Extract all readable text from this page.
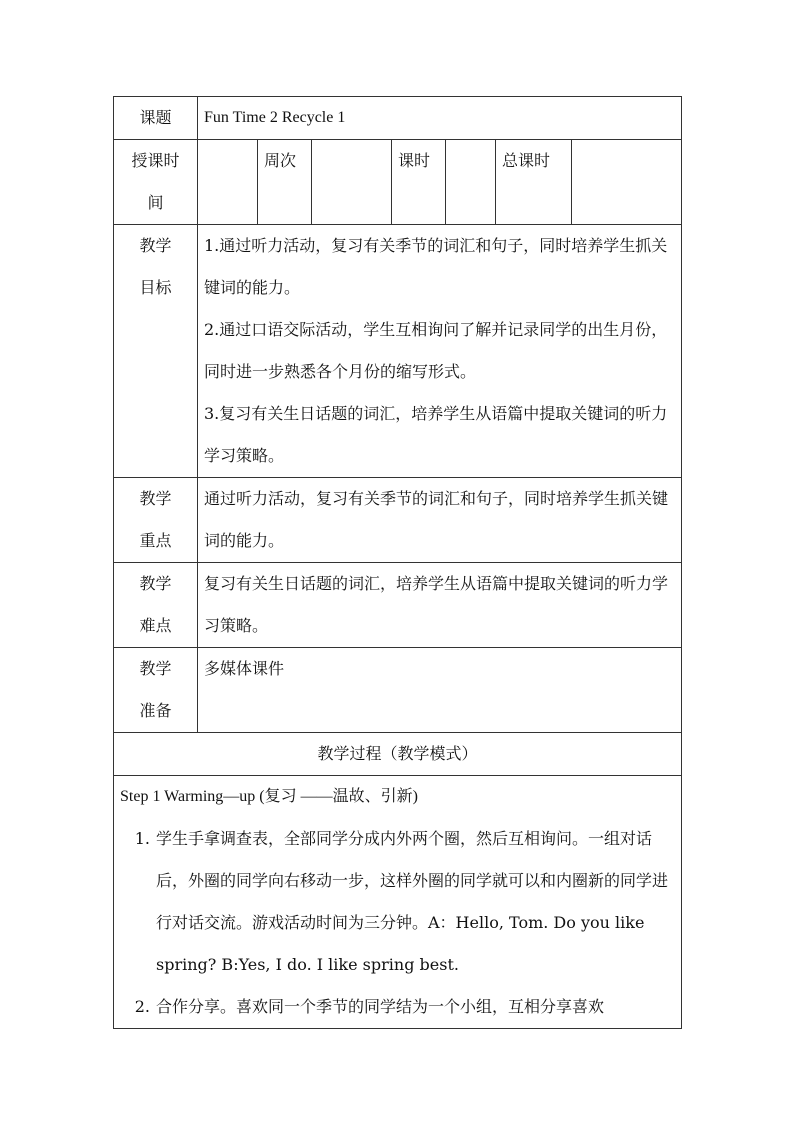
课题	Fun Time 2 Recycle 1						

授课时
间		周次		课时		总课时	

教学
目标	1.通过听力活动，复习有关季节的词汇和句子，同时培养学生抓关键词的能力。
2.通过口语交际活动，学生互相询问了解并记录同学的出生月份，同时进一步熟悉各个月份的缩写形式。
3.复习有关生日话题的词汇，培养学生从语篇中提取关键词的听力学习策略。						

教学
重点	通过听力活动，复习有关季节的词汇和句子，同时培养学生抓关键词的能力。						

教学
难点	复习有关生日话题的词汇，培养学生从语篇中提取关键词的听力学习策略。						

教学
准备	多媒体课件						
教学过程（教学模式）							

Step 1 Warming—up (复习 ——温故、引新)
1. 学生手拿调查表，全部同学分成内外两个圈，然后互相询问。一组对话后，外圈的同学向右移动一步，这样外圈的同学就可以和内圈新的同学进行对话交流。游戏活动时间为三分钟。A：Hello, Tom. Do you like spring? B:Yes, I do. I like spring best.
2. 合作分享。喜欢同一个季节的同学结为一个小组，互相分享喜欢							
